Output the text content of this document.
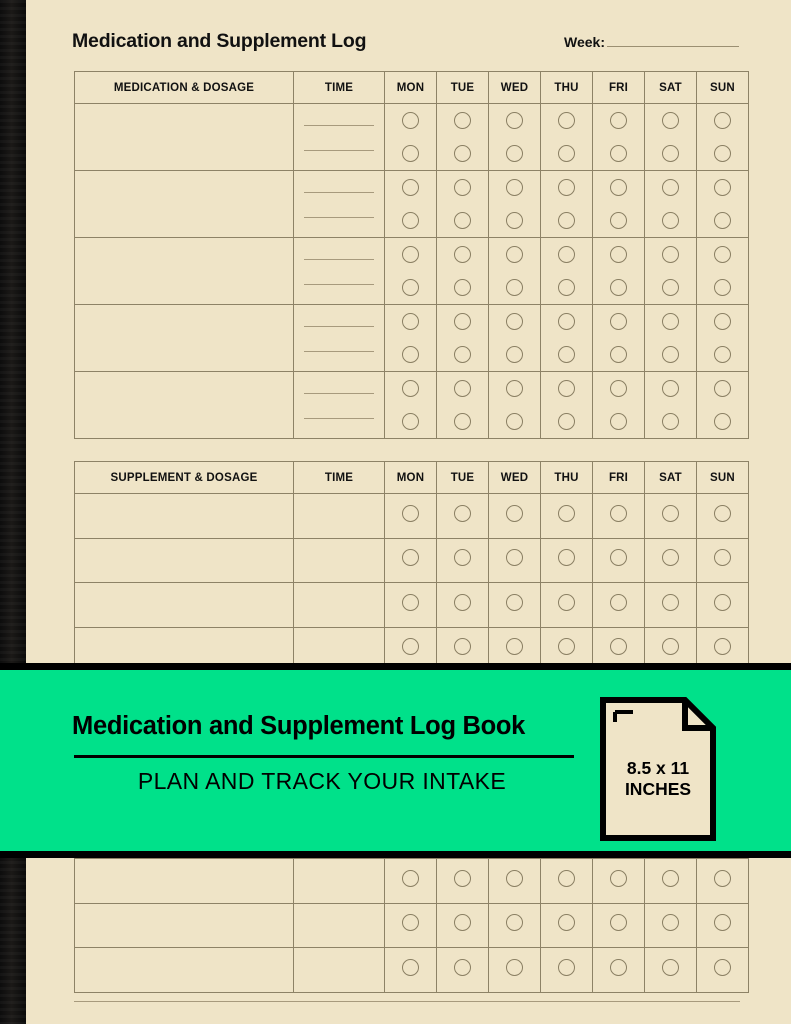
Medication and Supplement Log	Week:
MEDICATION & DOSAGE	TIME	MON	TUE	WED	THU	FRI	SAT	SUN

SUPPLEMENT & DOSAGE	TIME	MON	TUE	WED	THU	FRI	SAT	SUN

Medication and Supplement Log Book
PLAN AND TRACK YOUR INTAKE	8.5 x 11
INCHES
